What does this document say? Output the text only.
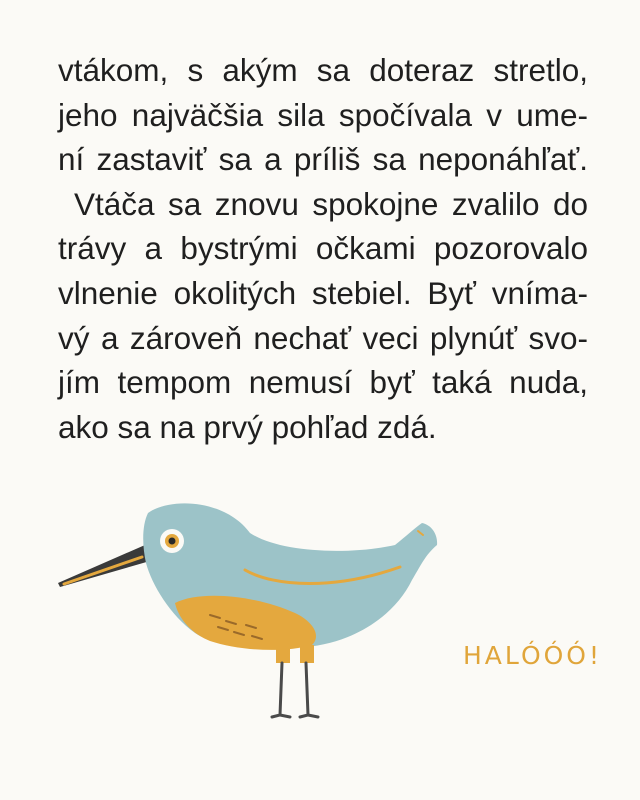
vtákom, s akým sa doteraz stretlo,
jeho najväčšia sila spočívala v ume-
ní zastaviť sa a príliš sa neponáhľať.
Vtáča sa znovu spokojne zvalilo do
trávy a bystrými očkami pozorovalo
vlnenie okolitých stebiel. Byť vníma-
vý a zároveň nechať veci plynúť svo-
jím tempom nemusí byť taká nuda,
ako sa na prvý pohľad zdá.
HALÓÓÓ!
